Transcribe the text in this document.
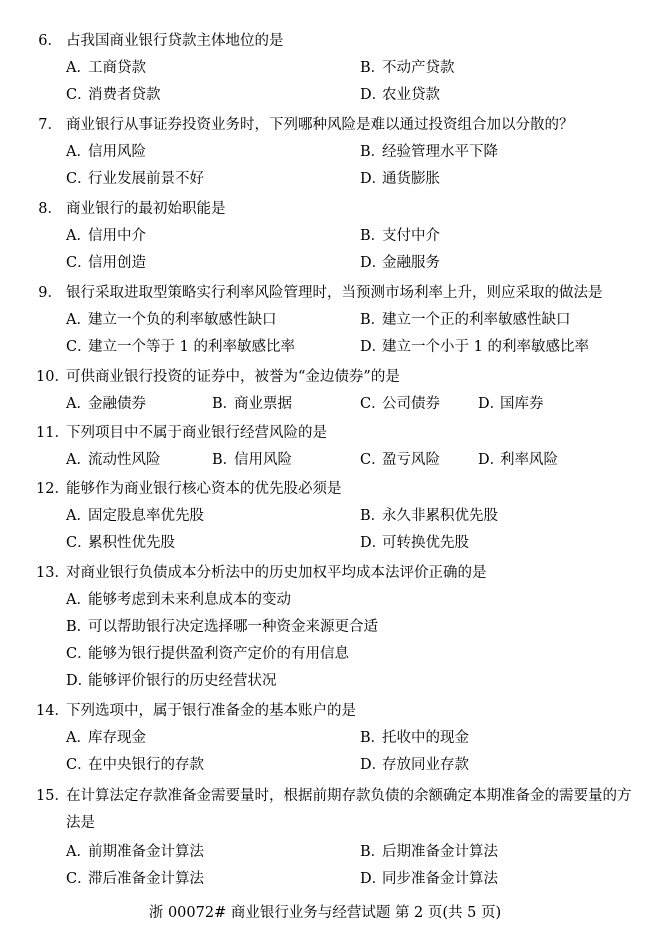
6． 占我国商业银行贷款主体地位的是
A．工商贷款	B．不动产贷款
C．消费者贷款	D．农业贷款
7． 商业银行从事证券投资业务时，下列哪种风险是难以通过投资组合加以分散的？
A．信用风险	B．经验管理水平下降
C．行业发展前景不好	D．通货膨胀
8． 商业银行的最初始职能是
A．信用中介	B．支付中介
C．信用创造	D．金融服务
9． 银行采取进取型策略实行利率风险管理时，当预测市场利率上升，则应采取的做法是
A．建立一个负的利率敏感性缺口	B．建立一个正的利率敏感性缺口
C．建立一个等于 1 的利率敏感比率	D．建立一个小于 1 的利率敏感比率
10．
可供商业银行投资的证券中，被誉为“金边债券”的是
A．金融债券	B．商业票据	C．公司债券	D．国库券
11．
下列项目中不属于商业银行经营风险的是
A．流动性风险	B．信用风险	C．盈亏风险	D．利率风险
12．
能够作为商业银行核心资本的优先股必须是
A．固定股息率优先股	B．永久非累积优先股
C．累积性优先股	D．可转换优先股
13．
对商业银行负债成本分析法中的历史加权平均成本法评价正确的是
A．能够考虑到未来利息成本的变动
B．可以帮助银行决定选择哪一种资金来源更合适
C．能够为银行提供盈利资产定价的有用信息
D．能够评价银行的历史经营状况
14．
下列选项中，属于银行准备金的基本账户的是
A．库存现金	B．托收中的现金
C．在中央银行的存款	D．存放同业存款
15．
在计算法定存款准备金需要量时，根据前期存款负债的余额确定本期准备金的需要量的方法是
A．前期准备金计算法	B．后期准备金计算法
C．滞后准备金计算法	D．同步准备金计算法
浙 00072# 商业银行业务与经营试题 第 2 页(共 5 页)
